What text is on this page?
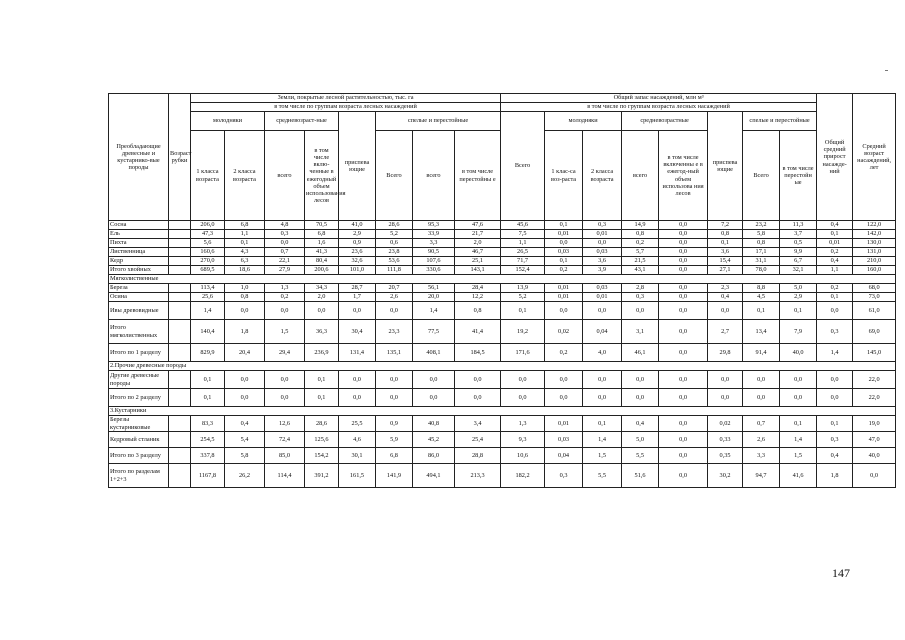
Преобладающие древесные и кустарнико-вые породы	Возраст рубки	Земли, покрытые лесной растительностью, тыс. га								Общий запас насаждений, млн м³								Общий средний прирост насажде-ний	Средний возраст насаждений, лет
		в том числе по группам возраста лесных насаждений								в том числе по группам возраста лесных насаждений									
		молодняки		средневозраст-ные		приспева ющие	спелые и перестойные			Всего	молодняки		средневозрастные		приспева ющие	спелые и перестойные			
		1 класса возраста	2 класса возраста	всего	в том числе вклю-ченные в ежегодный объем использования лесов		Всего	всего	в том числе перестойны е		1 клас-са воз-раста	2 класса возраста	всего	в том числе включенны е в ежегод-ный объем использова ния лесов		Всего	в том числе перестойн ые		
Сосна		206,0	6,8	4,8	70,5	41,0	28,6	95,3	47,6	45,6	0,1	0,3	14,9	0,0	7,2	23,2	11,3	0,4	122,0
Ель		47,3	1,1	0,3	6,8	2,9	5,2	33,9	21,7	7,5	0,01	0,01	0,8	0,0	0,8	5,8	3,7	0,1	142,0
Пихта		5,6	0,1	0,0	1,6	0,9	0,6	3,3	2,0	1,1	0,0	0,0	0,2	0,0	0,1	0,8	0,5	0,01	130,0
Лиственница		160,6	4,3	0,7	41,3	23,6	23,8	90,5	46,7	26,5	0,03	0,03	5,7	0,0	3,6	17,1	9,9	0,2	131,0
Кедр		270,0	6,3	22,1	80,4	32,6	53,6	107,6	25,1	71,7	0,1	3,6	21,5	0,0	15,4	31,1	6,7	0,4	210,0
Итого хвойных		689,5	18,6	27,9	200,6	101,0	111,8	330,6	143,1	152,4	0,2	3,9	43,1	0,0	27,1	78,0	32,1	1,1	160,0
Мягколиственные																			
Береза		113,4	1,0	1,3	34,3	28,7	20,7	56,1	28,4	13,9	0,01	0,03	2,8	0,0	2,3	8,8	5,0	0,2	68,0
Осина		25,6	0,8	0,2	2,0	1,7	2,6	20,0	12,2	5,2	0,01	0,01	0,3	0,0	0,4	4,5	2,9	0,1	73,0
Ивы древовидные		1,4	0,0	0,0	0,0	0,0	0,0	1,4	0,8	0,1	0,0	0,0	0,0	0,0	0,0	0,1	0,1	0,0	61,0
Итого мягколиственных		140,4	1,8	1,5	36,3	30,4	23,3	77,5	41,4	19,2	0,02	0,04	3,1	0,0	2,7	13,4	7,9	0,3	69,0
Итого по 1 разделу		829,9	20,4	29,4	236,9	131,4	135,1	408,1	184,5	171,6	0,2	4,0	46,1	0,0	29,8	91,4	40,0	1,4	145,0
2.Прочие древесные породы																			
Другие древесные породы		0,1	0,0	0,0	0,1	0,0	0,0	0,0	0,0	0,0	0,0	0,0	0,0	0,0	0,0	0,0	0,0	0,0	22,0
Итого по 2 разделу		0,1	0,0	0,0	0,1	0,0	0,0	0,0	0,0	0,0	0,0	0,0	0,0	0,0	0,0	0,0	0,0	0,0	22,0
3.Кустарники																			
Березы кустарниковые		83,3	0,4	12,6	28,6	25,5	0,9	40,8	3,4	1,3	0,01	0,1	0,4	0,0	0,02	0,7	0,1	0,1	19,0
Кедровый стланик		254,5	5,4	72,4	125,6	4,6	5,9	45,2	25,4	9,3	0,03	1,4	5,0	0,0	0,33	2,6	1,4	0,3	47,0
Итого по 3 разделу		337,8	5,8	85,0	154,2	30,1	6,8	86,0	28,8	10,6	0,04	1,5	5,5	0,0	0,35	3,3	1,5	0,4	40,0
Итого по разделам 1+2+3		1167,8	26,2	114,4	391,2	161,5	141,9	494,1	213,3	182,2	0,3	5,5	51,6	0,0	30,2	94,7	41,6	1,8	0,0
147
